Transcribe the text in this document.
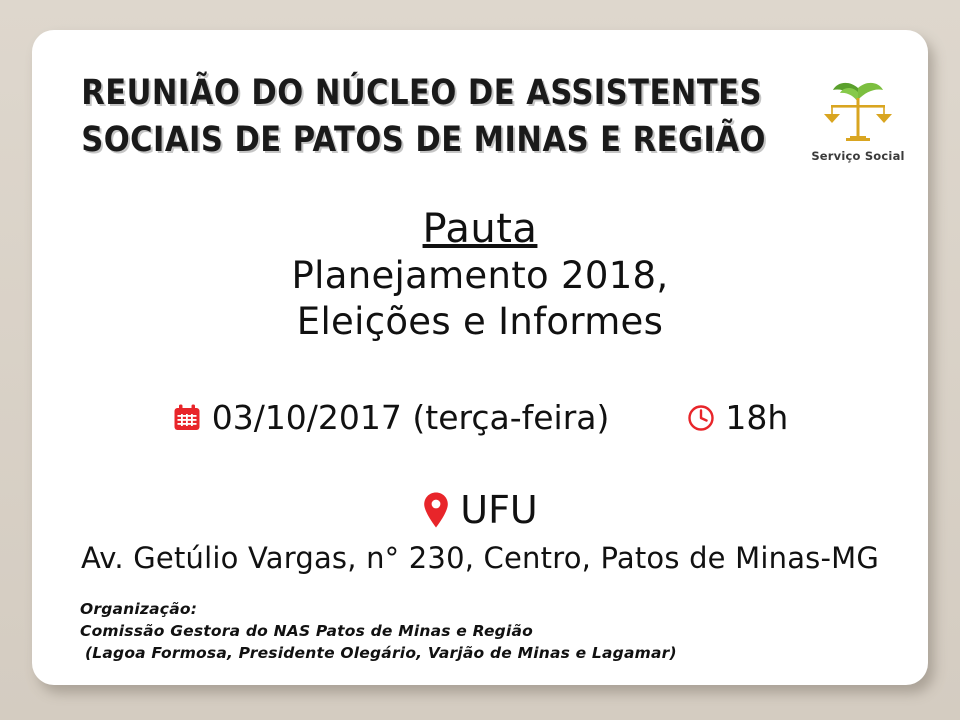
REUNIÃO DO NÚCLEO DE ASSISTENTES
SOCIAIS DE PATOS DE MINAS E REGIÃO	Serviço Social
Pauta
Planejamento 2018,
Eleições e Informes
03/10/2017 (terça-feira)	18h
UFU
Av. Getúlio Vargas, n° 230, Centro, Patos de Minas-MG
Organização:
Comissão Gestora do NAS Patos de Minas e Região
(Lagoa Formosa, Presidente Olegário, Varjão de Minas e Lagamar)
